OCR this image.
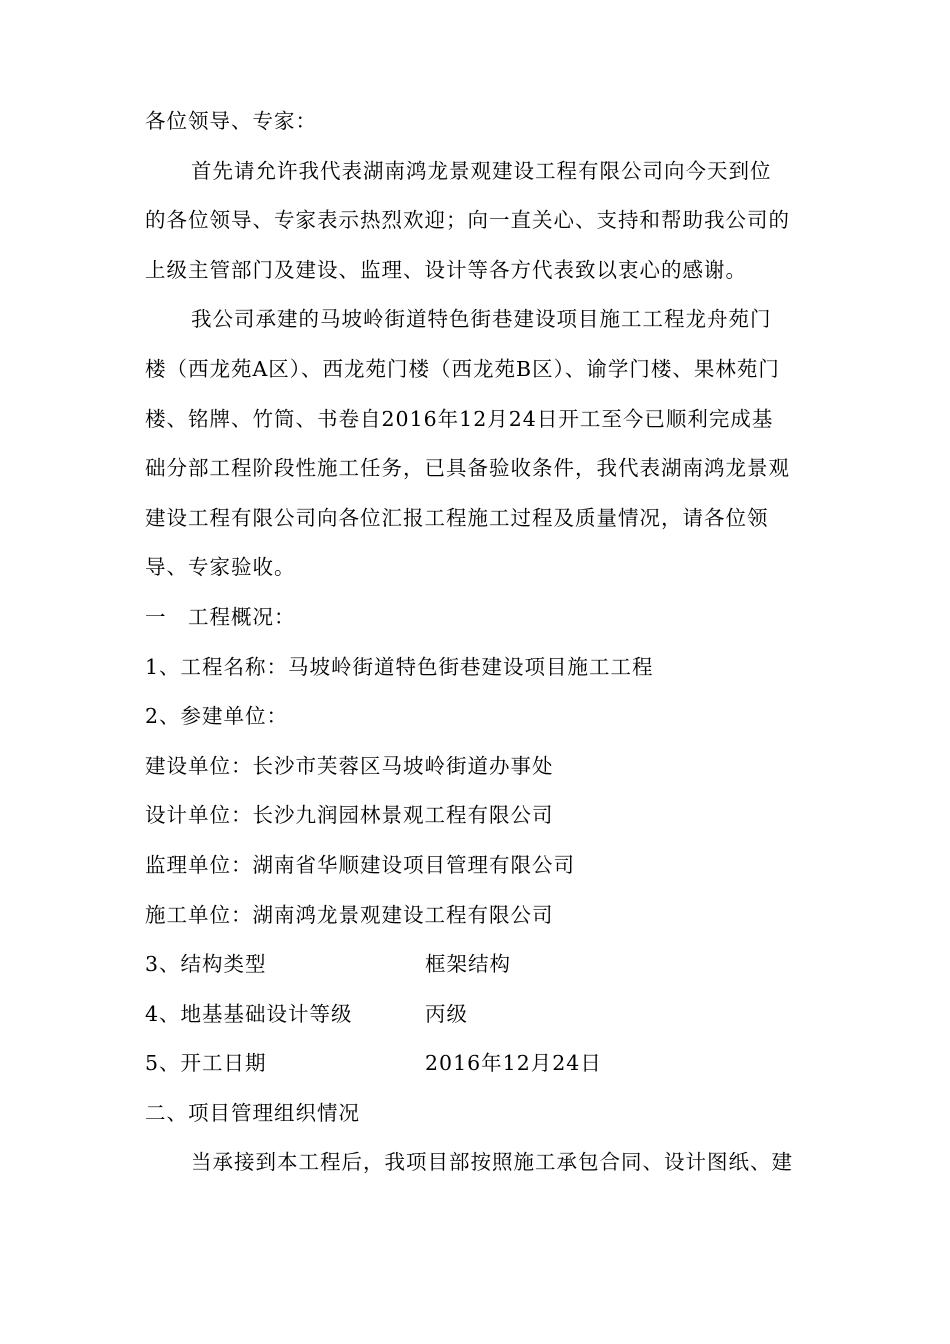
各位领导、专家：
首先请允许我代表湖南鸿龙景观建设工程有限公司向今天到位
的各位领导、专家表示热烈欢迎；向一直关心、支持和帮助我公司的
上级主管部门及建设、监理、设计等各方代表致以衷心的感谢。
我公司承建的马坡岭街道特色街巷建设项目施工工程龙舟苑门
楼（西龙苑A区）、西龙苑门楼（西龙苑B区）、谕学门楼、果林苑门
楼、铭牌、竹筒、书卷自2016年12月24日开工至今已顺利完成基
础分部工程阶段性施工任务，已具备验收条件，我代表湖南鸿龙景观
建设工程有限公司向各位汇报工程施工过程及质量情况，请各位领
导、专家验收。
一　工程概况：
1、工程名称：马坡岭街道特色街巷建设项目施工工程
2、参建单位：
建设单位：长沙市芙蓉区马坡岭街道办事处
设计单位：长沙九润园林景观工程有限公司
监理单位：湖南省华顺建设项目管理有限公司
施工单位：湖南鸿龙景观建设工程有限公司
3、结构类型	框架结构
4、地基基础设计等级	丙级
5、开工日期	2016年12月24日
二、项目管理组织情况
当承接到本工程后，我项目部按照施工承包合同、设计图纸、建
